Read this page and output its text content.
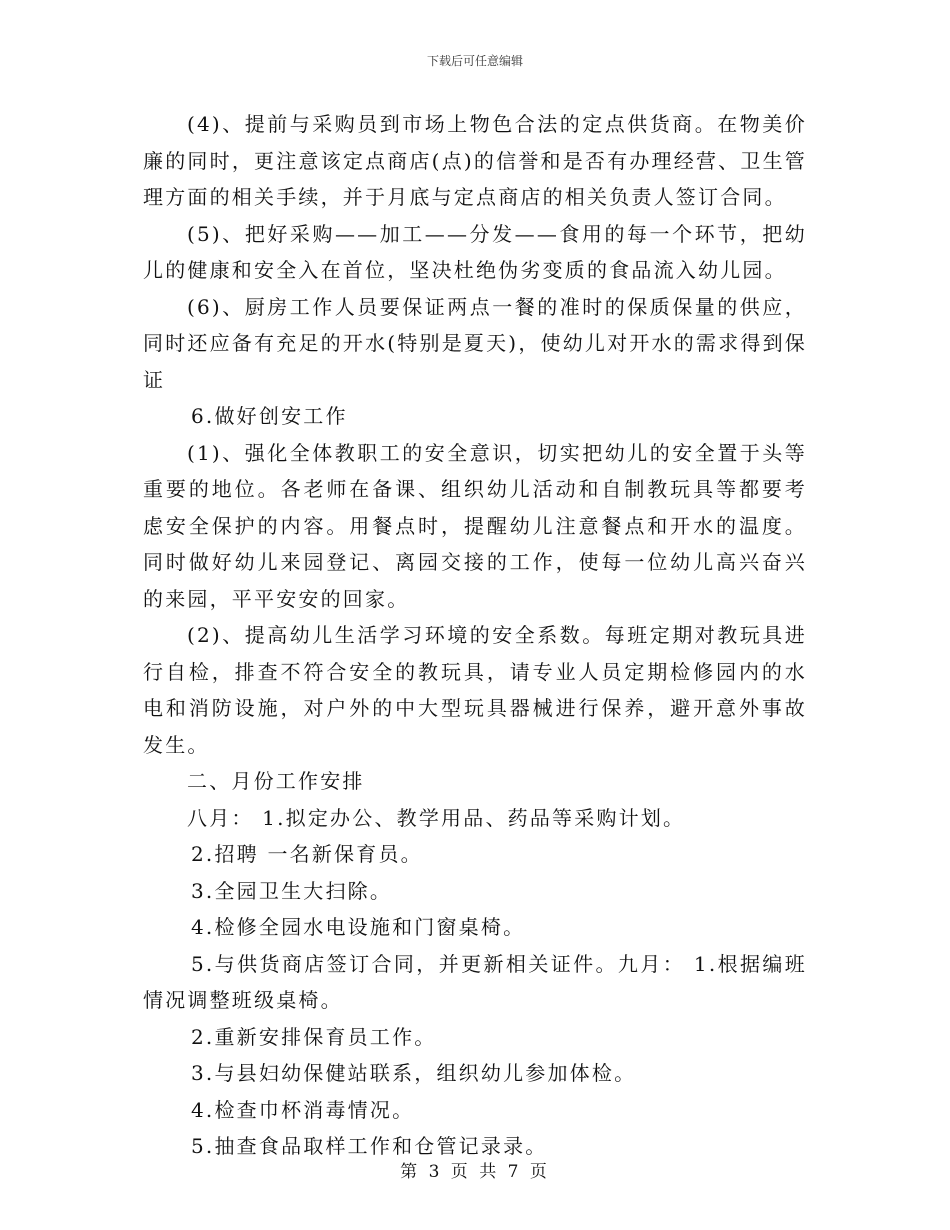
下载后可任意编辑

(4)、提前与采购员到市场上物色合法的定点供货商。在物美价廉的同时，更注意该定点商店(点)的信誉和是否有办理经营、卫生管理方面的相关手续，并于月底与定点商店的相关负责人签订合同。

(5)、把好采购——加工——分发——食用的每一个环节，把幼儿的健康和安全入在首位，坚决杜绝伪劣变质的食品流入幼儿园。

(6)、厨房工作人员要保证两点一餐的准时的保质保量的供应，同时还应备有充足的开水(特别是夏天)，使幼儿对开水的需求得到保证

6.做好创安工作

(1)、强化全体教职工的安全意识，切实把幼儿的安全置于头等重要的地位。各老师在备课、组织幼儿活动和自制教玩具等都要考虑安全保护的内容。用餐点时，提醒幼儿注意餐点和开水的温度。同时做好幼儿来园登记、离园交接的工作，使每一位幼儿高兴奋兴的来园，平平安安的回家。

(2)、提高幼儿生活学习环境的安全系数。每班定期对教玩具进行自检，排查不符合安全的教玩具，请专业人员定期检修园内的水电和消防设施，对户外的中大型玩具器械进行保养，避开意外事故发生。

二、月份工作安排

八月： 1.拟定办公、教学用品、药品等采购计划。

2.招聘 一名新保育员。

3.全园卫生大扫除。

4.检修全园水电设施和门窗桌椅。

5.与供货商店签订合同，并更新相关证件。九月： 1.根据编班情况调整班级桌椅。

2.重新安排保育员工作。

3.与县妇幼保健站联系，组织幼儿参加体检。

4.检查巾杯消毒情况。

5.抽查食品取样工作和仓管记录录。

第 3 页 共 7 页
